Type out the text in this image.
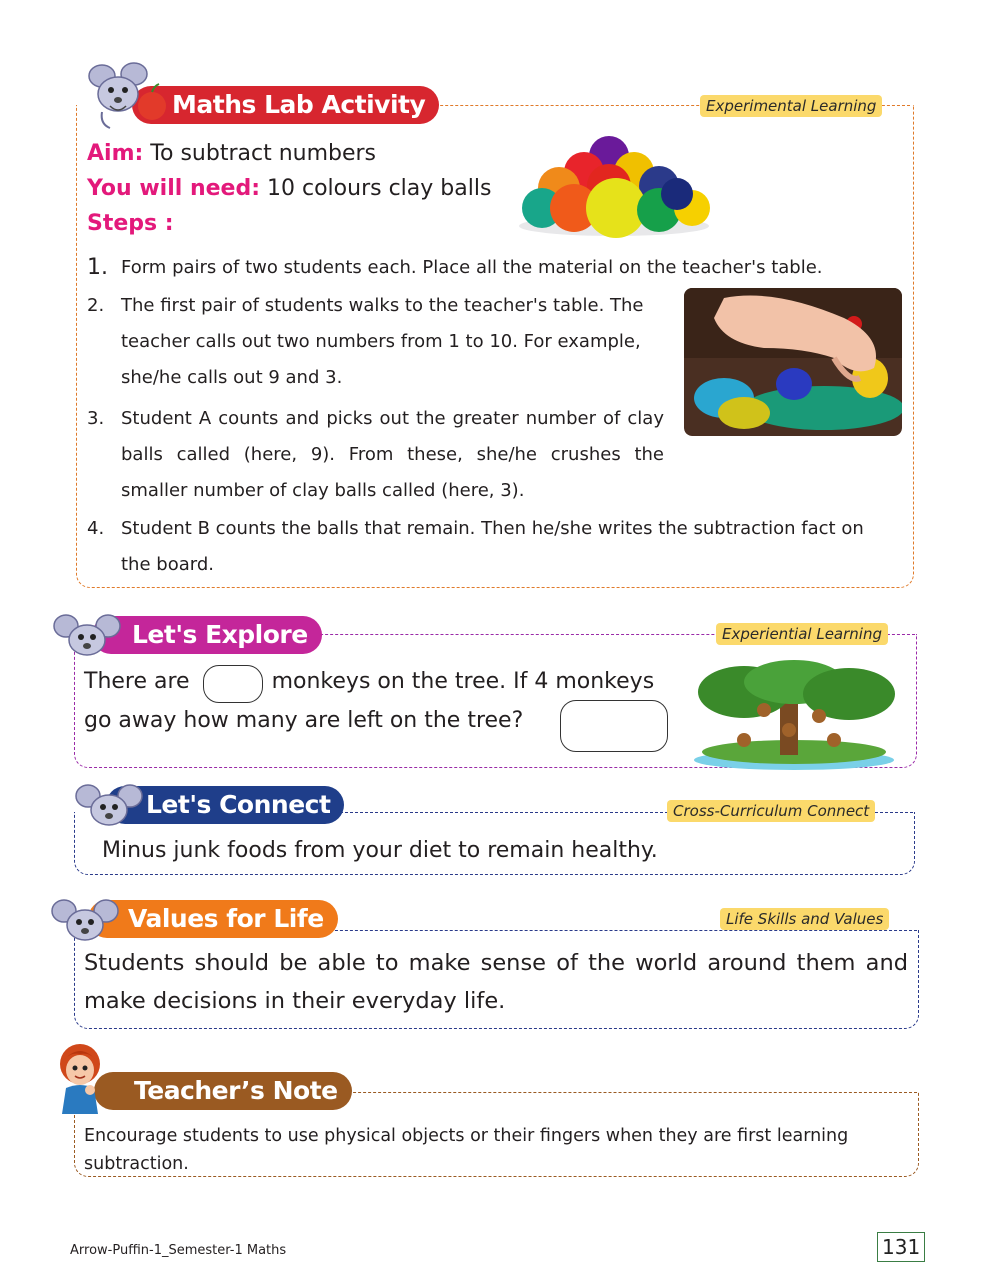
Maths Lab Activity	Experimental Learning
Aim: To subtract numbers
You will need: 10 colours clay balls
Steps :
1. Form pairs of two students each. Place all the material on the teacher's table.
2. The first pair of students walks to the teacher's table. The teacher calls out two numbers from 1 to 10. For example, she/he calls out 9 and 3.
3. Student A counts and picks out the greater number of clay balls called (here, 9). From these, she/he crushes the smaller number of clay balls called (here, 3).
4. Student B counts the balls that remain. Then he/she writes the subtraction fact on the board.
Let's Explore	Experiential Learning
There are	monkeys on the tree. If 4 monkeys
go away how many are left on the tree?
Let's Connect	Cross-Curriculum Connect
Minus junk foods from your diet to remain healthy.
Values for Life	Life Skills and Values
Students should be able to make sense of the world around them and make decisions in their everyday life.
Teacher’s Note
Encourage students to use physical objects or their fingers when they are first learning subtraction.
Arrow-Puffin-1_Semester-1 Maths	131
